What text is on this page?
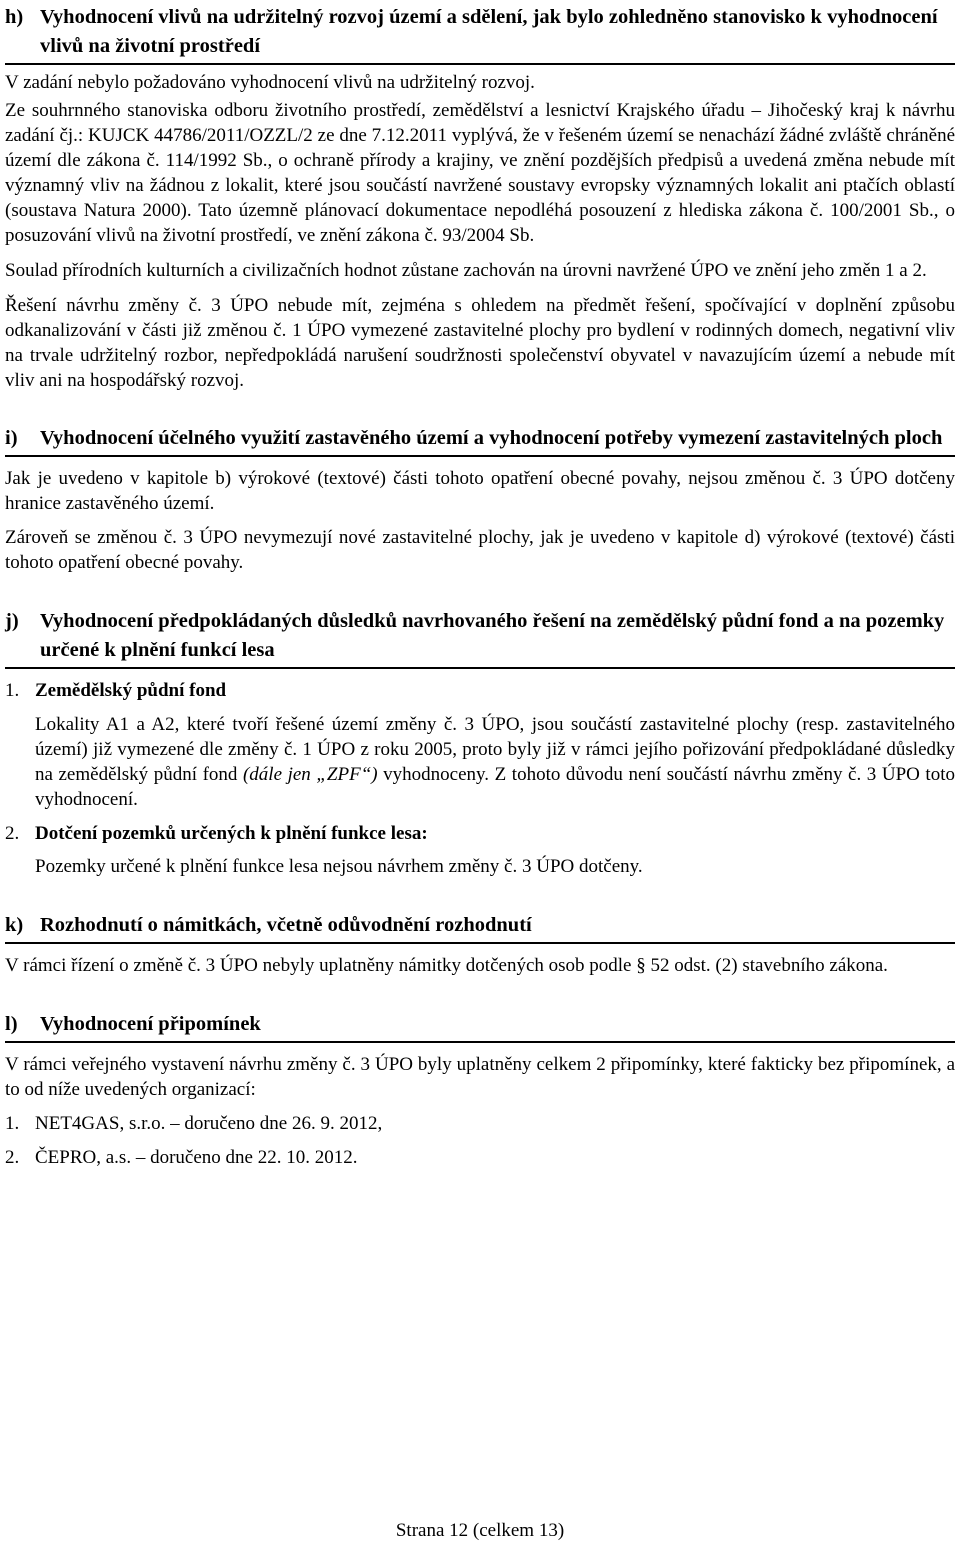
h) Vyhodnocení vlivů na udržitelný rozvoj území a sdělení, jak bylo zohledněno stanovisko k vyhodnocení vlivů na životní prostředí

V zadání nebylo požadováno vyhodnocení vlivů na udržitelný rozvoj.

Ze souhrnného stanoviska odboru životního prostředí, zemědělství a lesnictví Krajského úřadu – Jihočeský kraj k návrhu zadání čj.: KUJCK 44786/2011/OZZL/2 ze dne 7.12.2011 vyplývá, že v řešeném území se nenachází žádné zvláště chráněné území dle zákona č. 114/1992 Sb., o ochraně přírody a krajiny, ve znění pozdějších předpisů a uvedená změna nebude mít významný vliv na žádnou z lokalit, které jsou součástí navržené soustavy evropsky významných lokalit ani ptačích oblastí (soustava Natura 2000). Tato územně plánovací dokumentace nepodléhá posouzení z hlediska zákona č. 100/2001 Sb., o posuzování vlivů na životní prostředí, ve znění zákona č. 93/2004 Sb.

Soulad přírodních kulturních a civilizačních hodnot zůstane zachován na úrovni navržené ÚPO ve znění jeho změn 1 a 2.

Řešení návrhu změny č. 3 ÚPO nebude mít, zejména s ohledem na předmět řešení, spočívající v doplnění způsobu odkanalizování v části již změnou č. 1 ÚPO vymezené zastavitelné plochy pro bydlení v rodinných domech, negativní vliv na trvale udržitelný rozbor, nepředpokládá narušení soudržnosti společenství obyvatel v navazujícím území a nebude mít vliv ani na hospodářský rozvoj.

i)	Vyhodnocení účelného využití zastavěného území a vyhodnocení potřeby vymezení zastavitelných ploch

Jak je uvedeno v kapitole b) výrokové (textové) části tohoto opatření obecné povahy, nejsou změnou č. 3 ÚPO dotčeny hranice zastavěného území.

Zároveň se změnou č. 3 ÚPO nevymezují nové zastavitelné plochy, jak je uvedeno v kapitole d) výrokové (textové) části tohoto opatření obecné povahy.

j)	Vyhodnocení předpokládaných důsledků navrhovaného řešení na zemědělský půdní fond a na pozemky určené k plnění funkcí lesa
1. Zemědělský půdní fond

Lokality A1 a A2, které tvoří řešené území změny č. 3 ÚPO, jsou součástí zastavitelné plochy (resp. zastavitelného území) již vymezené dle změny č. 1 ÚPO z roku 2005, proto byly již v rámci jejího pořizování předpokládané důsledky na zemědělský půdní fond (dále jen „ZPF“) vyhodnoceny. Z tohoto důvodu není součástí návrhu změny č. 3 ÚPO toto vyhodnocení.

2. Dotčení pozemků určených k plnění funkce lesa:

Pozemky určené k plnění funkce lesa nejsou návrhem změny č. 3 ÚPO dotčeny.

k) Rozhodnutí o námitkách, včetně odůvodnění rozhodnutí

V rámci řízení o změně č. 3 ÚPO nebyly uplatněny námitky dotčených osob podle § 52 odst. (2) stavebního zákona.

l)	Vyhodnocení připomínek

V rámci veřejného vystavení návrhu změny č. 3 ÚPO byly uplatněny celkem 2 připomínky, které fakticky bez připomínek, a to od níže uvedených organizací:

1. NET4GAS, s.r.o. – doručeno dne 26. 9. 2012,
2. ČEPRO, a.s. – doručeno dne 22. 10. 2012.
Strana 12 (celkem 13)
